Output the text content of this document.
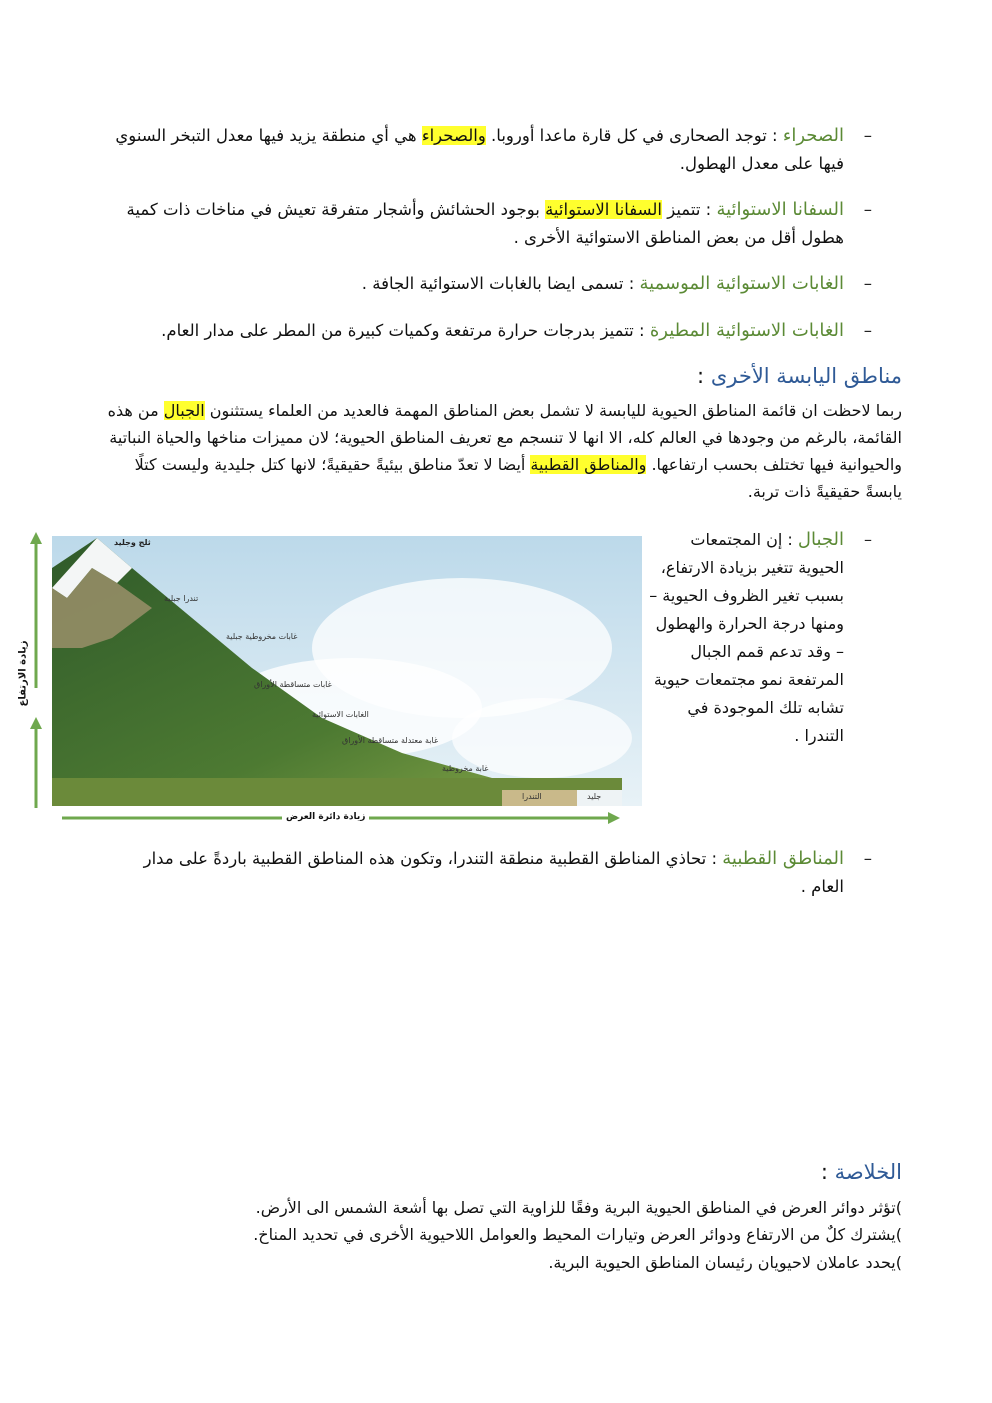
–
الصحراء : توجد الصحارى في كل قارة ماعدا أوروبا. والصحراء هي أي منطقة يزيد فيها معدل التبخر السنوي فيها على معدل الهطول.
–
السفانا الاستوائية : تتميز السفانا الاستوائية بوجود الحشائش وأشجار متفرقة تعيش في مناخات ذات كمية هطول أقل من بعض المناطق الاستوائية الأخرى .
–
الغابات الاستوائية الموسمية : تسمى ايضا بالغابات الاستوائية الجافة .
–
الغابات الاستوائية المطيرة : تتميز بدرجات حرارة مرتفعة وكميات كبيرة من المطر على مدار العام.
مناطق اليابسة الأخرى :
ربما لاحظت ان قائمة المناطق الحيوية لليابسة لا تشمل بعض المناطق المهمة فالعديد من العلماء يستثنون الجبال من هذه القائمة، بالرغم من وجودها في العالم كله، الا انها لا تنسجم مع تعريف المناطق الحيوية؛ لان مميزات مناخها والحياة النباتية والحيوانية فيها تختلف بحسب ارتفاعها. والمناطق القطبية أيضا لا تعدّ مناطق بيئيةً حقيقيةً؛ لانها كتل جليدية وليست كتلًا يابسةً حقيقيةً ذات تربة.
–
الجبال : إن المجتمعات الحيوية تتغير بزيادة الارتفاع، بسبب تغير الظروف الحيوية – ومنها درجة الحرارة والهطول – وقد تدعم قمم الجبال المرتفعة نمو مجتمعات حيوية تشابه تلك الموجودة في التندرا .
ثلج وجليد
تندرا جبلية
غابات مخروطية جبلية
غابات متساقطة الأوراق
الغابات الاستوائية
غابة معتدلة متساقطة الأوراق
غابة مخروطية
التندرا	جليد
زيادة الارتفاع
زيادة دائرة العرض
–
المناطق القطبية : تحاذي المناطق القطبية منطقة التندرا، وتكون هذه المناطق القطبية باردةً على مدار العام .
الخلاصة :
)تؤثر دوائر العرض في المناطق الحيوية البرية وفقًا للزاوية التي تصل بها أشعة الشمس الى الأرض.
)يشترك كلٌ من الارتفاع ودوائر العرض وتيارات المحيط والعوامل اللاحيوية الأخرى في تحديد المناخ.
)يحدد عاملان لاحيويان رئيسان المناطق الحيوية البرية.
